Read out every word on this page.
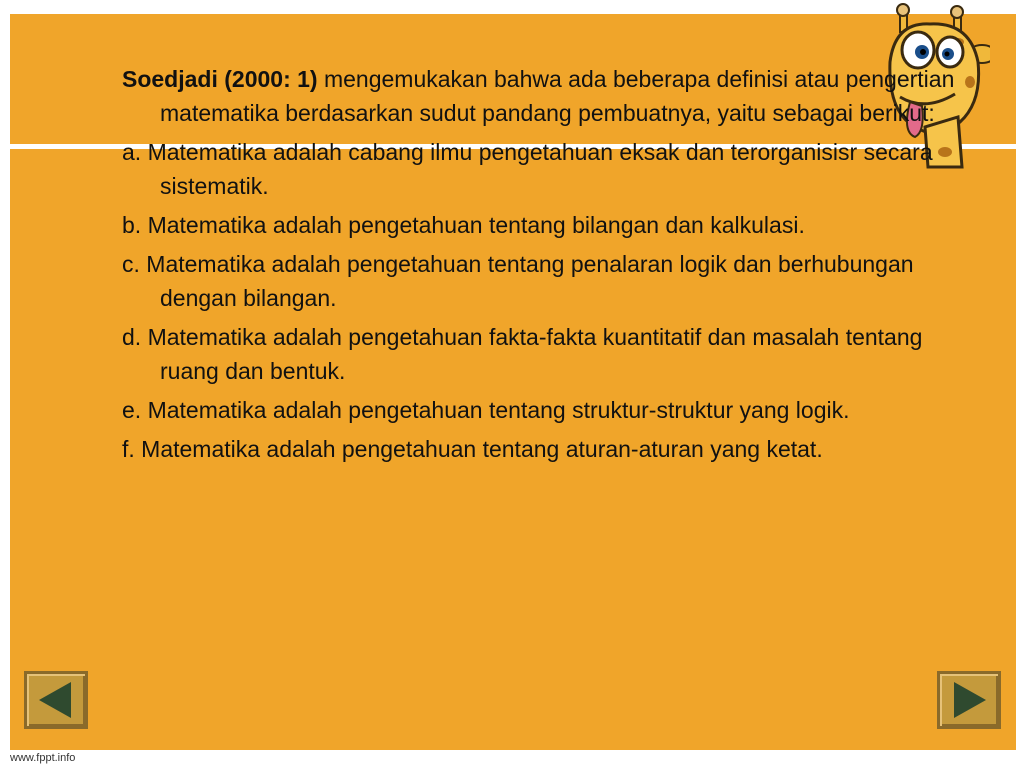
Soedjadi (2000: 1) mengemukakan bahwa ada beberapa definisi atau pengertian matematika berdasarkan sudut pandang pembuatnya, yaitu sebagai berikut:

a. Matematika adalah cabang ilmu pengetahuan eksak dan terorganisisr secara sistematik.

b. Matematika adalah pengetahuan tentang bilangan dan kalkulasi.

c. Matematika adalah pengetahuan tentang penalaran logik dan berhubungan dengan bilangan.

d. Matematika adalah pengetahuan fakta-fakta kuantitatif dan masalah tentang ruang dan bentuk.

e. Matematika adalah pengetahuan tentang struktur-struktur yang logik.

f. Matematika adalah pengetahuan tentang aturan-aturan yang ketat.

www.fppt.info
